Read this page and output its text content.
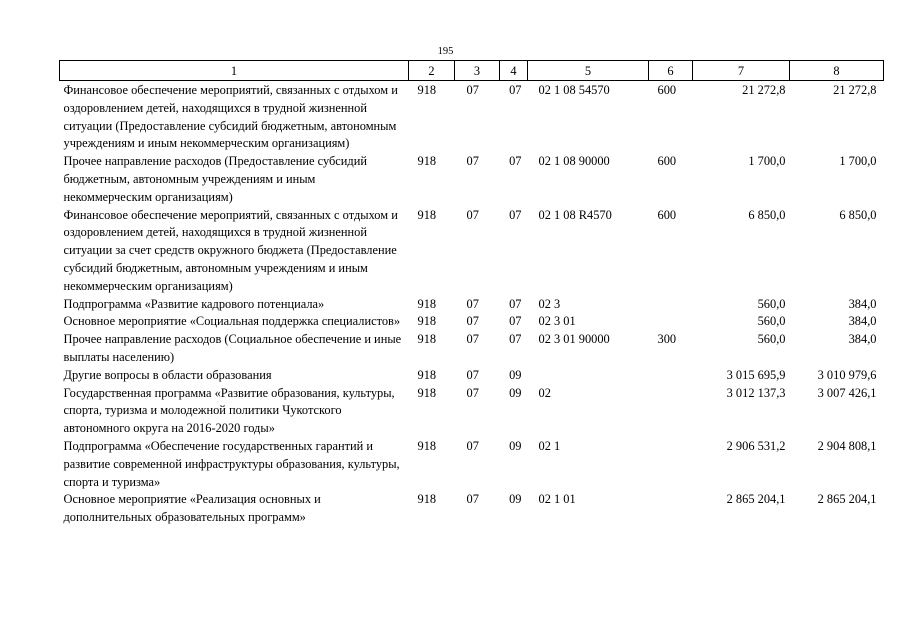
195
1	2	3	4	5	6	7	8
Финансовое обеспечение мероприятий, связанных с отдыхом и оздоровлением детей, находящихся в трудной жизненной ситуации (Предоставление субсидий бюджетным, автономным учреждениям и иным некоммерческим организациям)	918	07	07	02 1 08 54570	600	21 272,8	21 272,8
Прочее направление расходов (Предоставление субсидий бюджетным, автономным учреждениям и иным некоммерческим организациям)	918	07	07	02 1 08 90000	600	1 700,0	1 700,0
Финансовое обеспечение мероприятий, связанных с отдыхом и оздоровлением детей, находящихся в трудной жизненной ситуации за счет средств окружного бюджета (Предоставление субсидий бюджетным, автономным учреждениям и иным некоммерческим организациям)	918	07	07	02 1 08 R4570	600	6 850,0	6 850,0
Подпрограмма «Развитие кадрового потенциала»	918	07	07	02 3		560,0	384,0
Основное мероприятие «Социальная поддержка специалистов»	918	07	07	02 3 01		560,0	384,0
Прочее направление расходов (Социальное обеспечение и иные выплаты населению)	918	07	07	02 3 01 90000	300	560,0	384,0
Другие вопросы в области образования	918	07	09			3 015 695,9	3 010 979,6
Государственная программа «Развитие образования, культуры, спорта, туризма и молодежной политики Чукотского автономного округа на 2016-2020 годы»	918	07	09	02		3 012 137,3	3 007 426,1
Подпрограмма «Обеспечение государственных гарантий и развитие современной инфраструктуры образования, культуры, спорта и туризма»	918	07	09	02 1		2 906 531,2	2 904 808,1
Основное мероприятие «Реализация основных и дополнительных образовательных программ»	918	07	09	02 1 01		2 865 204,1	2 865 204,1
